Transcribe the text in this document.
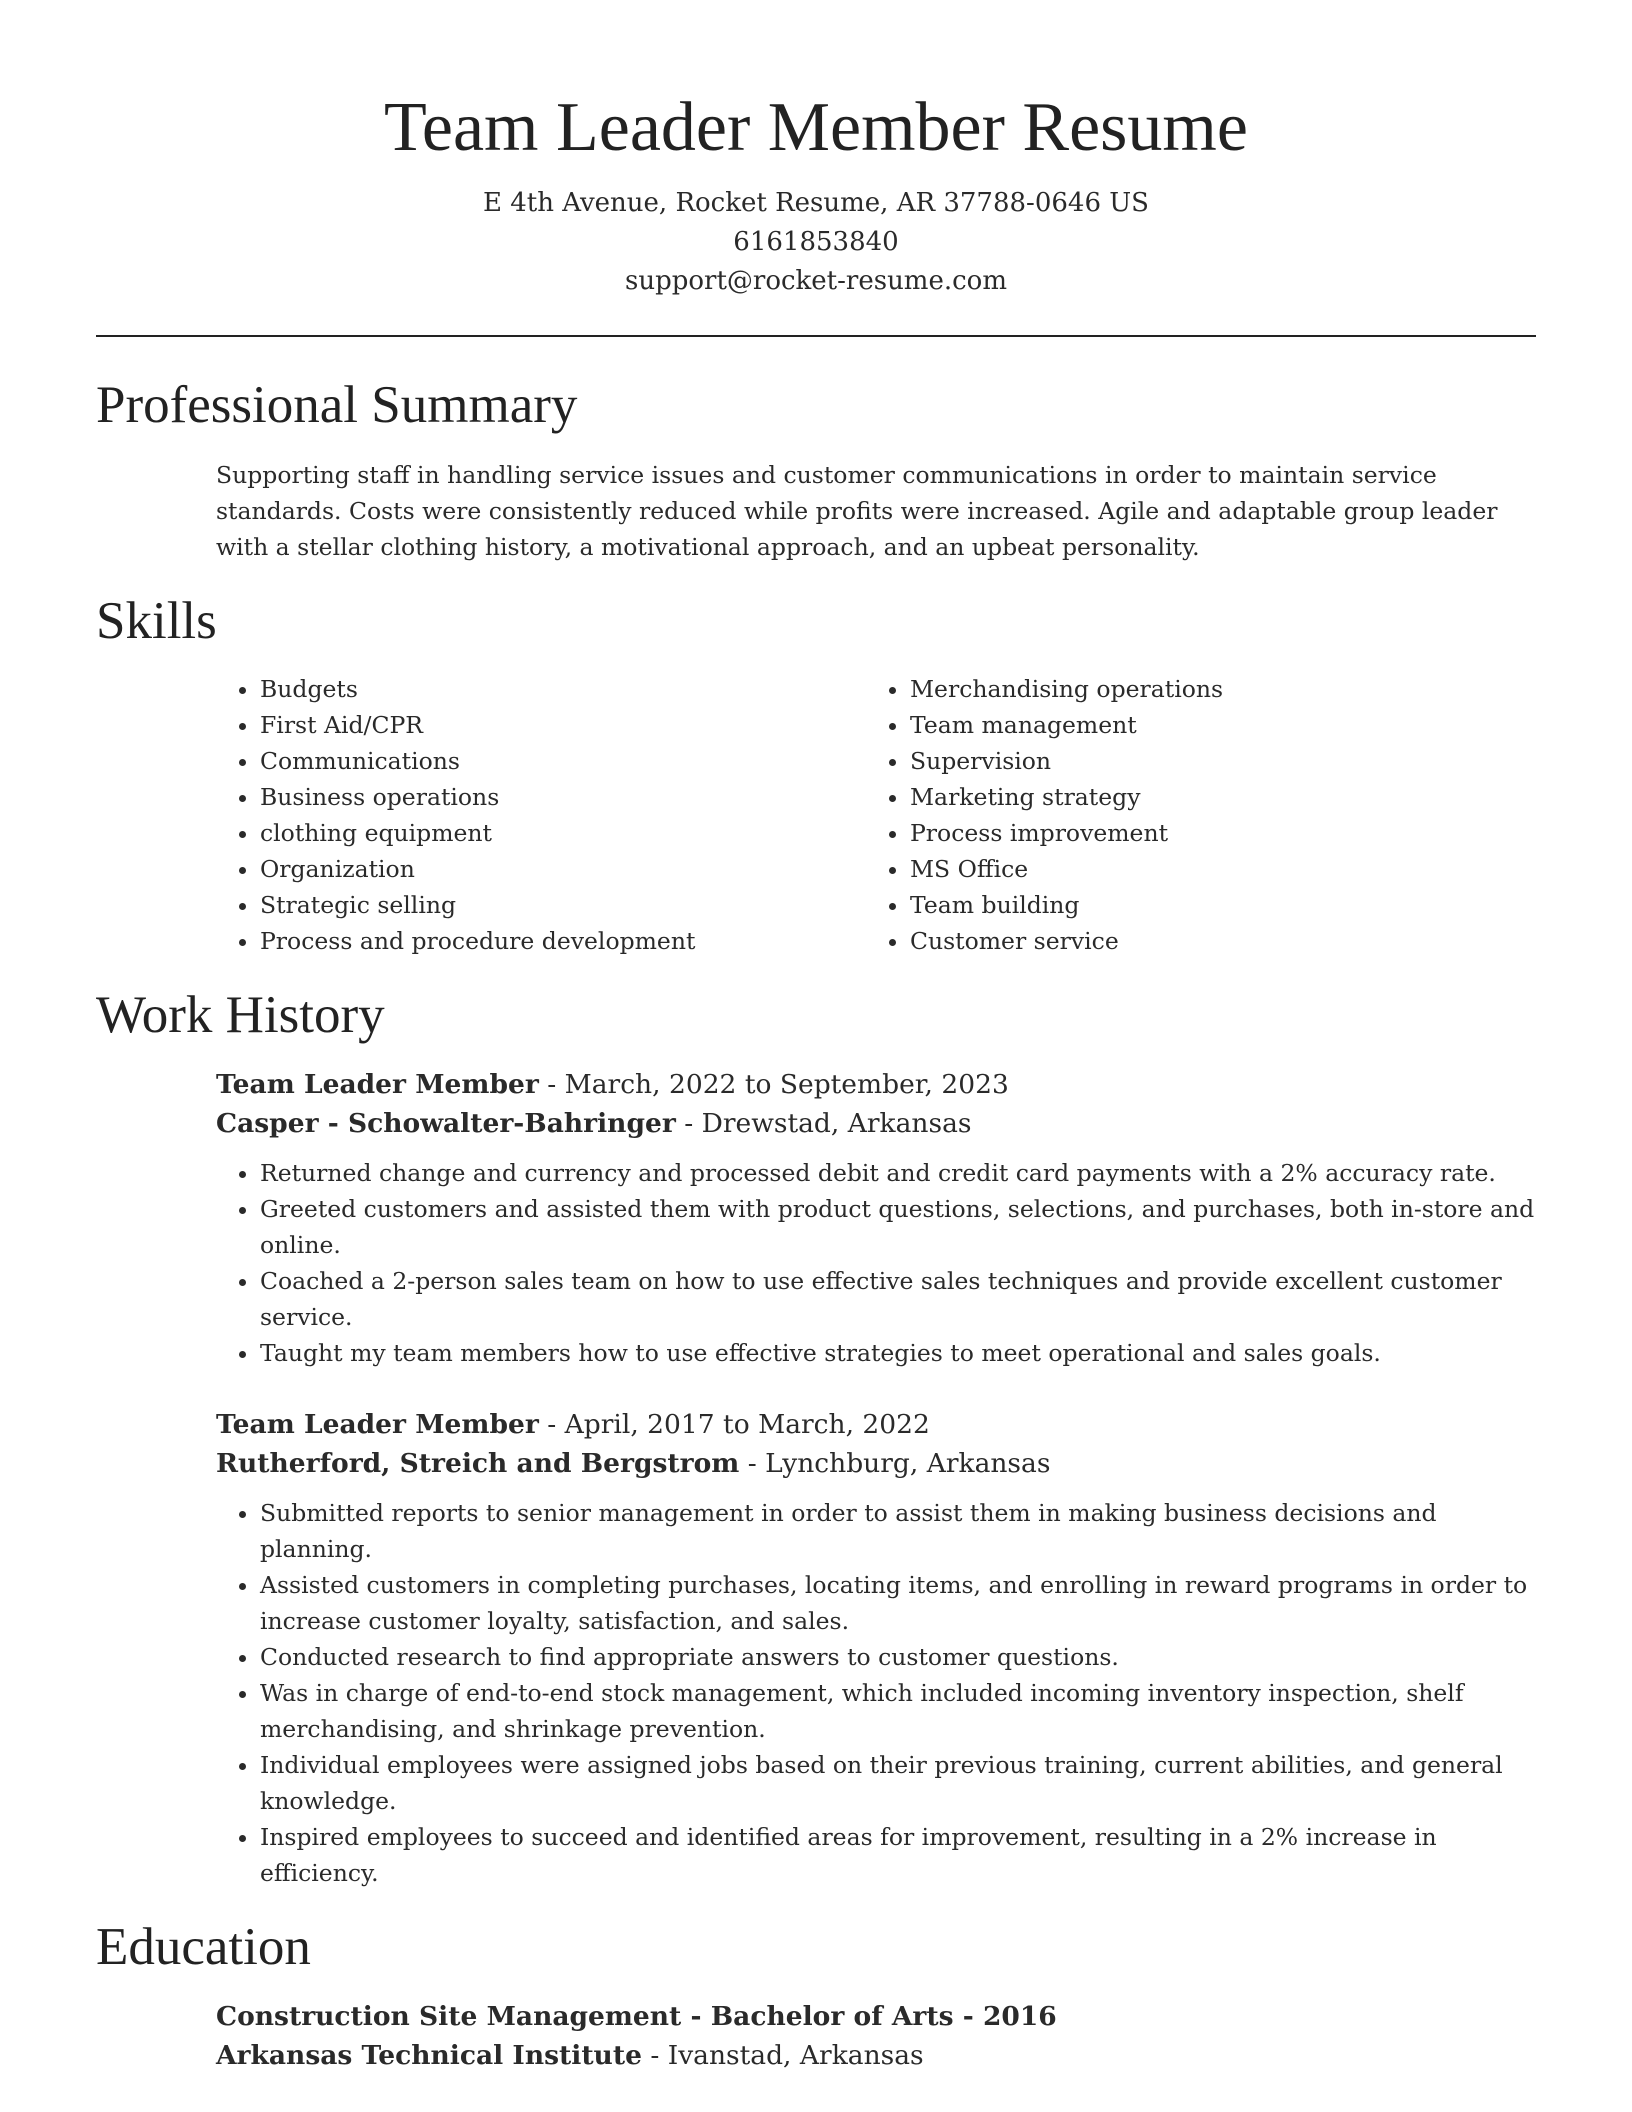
Team Leader Member Resume
E 4th Avenue, Rocket Resume, AR 37788-0646 US
6161853840
support@rocket-resume.com
Professional Summary
Supporting staff in handling service issues and customer communications in order to maintain service standards. Costs were consistently reduced while profits were increased. Agile and adaptable group leader with a stellar clothing history, a motivational approach, and an upbeat personality.
Skills
• Budgets
• First Aid/CPR
• Communications
• Business operations
• clothing equipment
• Organization
• Strategic selling
• Process and procedure development
• Merchandising operations
• Team management
• Supervision
• Marketing strategy
• Process improvement
• MS Office
• Team building
• Customer service
Work History
Team Leader Member - March, 2022 to September, 2023
Casper - Schowalter-Bahringer - Drewstad, Arkansas
• Returned change and currency and processed debit and credit card payments with a 2% accuracy rate.
• Greeted customers and assisted them with product questions, selections, and purchases, both in-store and online.
• Coached a 2-person sales team on how to use effective sales techniques and provide excellent customer service.
• Taught my team members how to use effective strategies to meet operational and sales goals.
Team Leader Member - April, 2017 to March, 2022
Rutherford, Streich and Bergstrom - Lynchburg, Arkansas
• Submitted reports to senior management in order to assist them in making business decisions and planning.
• Assisted customers in completing purchases, locating items, and enrolling in reward programs in order to increase customer loyalty, satisfaction, and sales.
• Conducted research to find appropriate answers to customer questions.
• Was in charge of end-to-end stock management, which included incoming inventory inspection, shelf merchandising, and shrinkage prevention.
• Individual employees were assigned jobs based on their previous training, current abilities, and general knowledge.
• Inspired employees to succeed and identified areas for improvement, resulting in a 2% increase in efficiency.
Education
Construction Site Management - Bachelor of Arts - 2016
Arkansas Technical Institute - Ivanstad, Arkansas
